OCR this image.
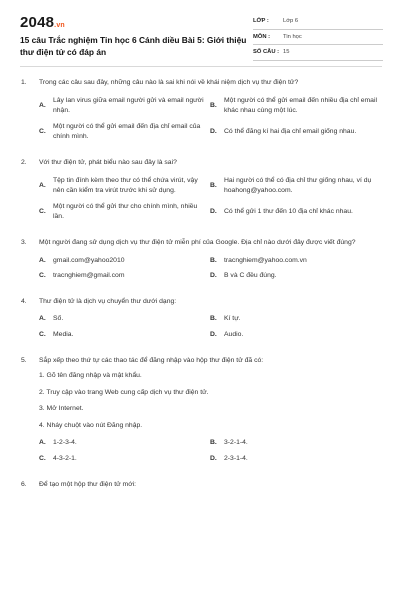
2048.vn
15 câu Trắc nghiệm Tin học 6 Cánh diều Bài 5: Giới thiệu thư điện tử có đáp án
LỚP :	Lớp 6
MÔN :	Tin học
SỐ CÂU : 15
1.	Trong các câu sau đây, những câu nào là sai khi nói về khái niệm dịch vụ thư điện tử?
A.
Lây lan virus giữa email người gửi và email người nhận.
B.
Một người có thể gửi email đến nhiều địa chỉ email khác nhau cùng một lúc.
C.
Một người có thể gửi email đến địa chỉ email của chính mình.
D.	Có thể đăng kí hai địa chỉ email giống nhau.
2.	Với thư điện tử, phát biểu nào sau đây là sai?
A.
Tệp tin đính kèm theo thư có thể chứa virút, vậy nên cần kiểm tra virút trước khi sử dụng.
B.
Hai người có thể có địa chỉ thư giống nhau, ví dụ hoahong@yahoo.com.
C.
Một người có thể gửi thư cho chính mình, nhiều lần.
D.	Có thể gửi 1 thư đến 10 địa chỉ khác nhau.
3.	Một người đang sử dụng dịch vụ thư điện tử miễn phí của Google. Địa chỉ nào dưới đây được viết đúng?
A.	gmail.com@yahoo2010	B.	tracnghiem@yahoo.com.vn
C.	tracnghiem@gmail.com	D.	B và C đều đúng.
4.	Thư điện tử là dịch vụ chuyển thư dưới dạng:
A.	Số.	B.	Kí tự.
C.	Media.	D.	Audio.
5.	Sắp xếp theo thứ tự các thao tác để đăng nhập vào hộp thư điện tử đã có:
1. Gõ tên đăng nhập và mật khẩu.
2. Truy cập vào trang Web cung cấp dịch vụ thư điện tử.
3. Mở Internet.
4. Nháy chuột vào nút Đăng nhập.
A.	1-2-3-4.	B.	3-2-1-4.
C.	4-3-2-1.	D.	2-3-1-4.
6.	Để tạo một hộp thư điện tử mới:
